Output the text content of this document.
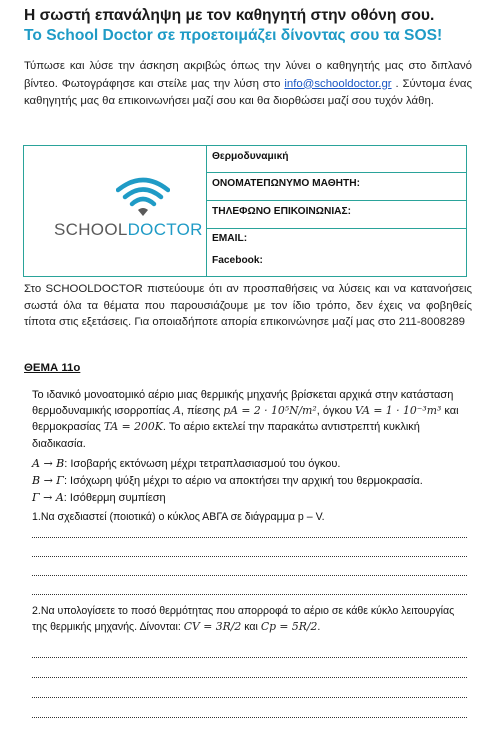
Η σωστή επανάληψη με τον καθηγητή στην οθόνη σου.
Το School Doctor σε προετοιμάζει δίνοντας σου τα SOS!
Τύπωσε και λύσε την άσκηση ακριβώς όπως την λύνει ο καθηγητής μας στο διπλανό βίντεο. Φωτογράφησε και στείλε μας την λύση στο info@schooldoctor.gr . Σύντομα ένας καθηγητής μας θα επικοινωνήσει μαζί σου και θα διορθώσει μαζί σου τυχόν λάθη.
SCHOOLDOCTOR
Θερμοδυναμική
ΟΝΟΜΑΤΕΠΩΝΥΜΟ ΜΑΘΗΤΗ:
ΤΗΛΕΦΩΝΟ ΕΠΙΚΟΙΝΩΝΙΑΣ:
EMAIL:
Facebook:
Στο SCHOOLDOCTOR πιστεύουμε ότι αν προσπαθήσεις να λύσεις και να κατανοήσεις σωστά όλα τα θέματα που παρουσιάζουμε με τον ίδιο τρόπο, δεν έχεις να φοβηθείς τίποτα στις εξετάσεις. Για οποιαδήποτε απορία επικοινώνησε μαζί μας στο 211-8008289
ΘΕΜΑ 11ο
Το ιδανικό μονοατομικό αέριο μιας θερμικής μηχανής βρίσκεται αρχικά στην κατάσταση θερμοδυναμικής ισορροπίας Α, πίεσης pA = 2 · 10⁵N/m², όγκου VA = 1 · 10⁻³m³ και θερμοκρασίας TA = 200K. Το αέριο εκτελεί την παρακάτω αντιστρεπτή κυκλική διαδικασία.
Α → Β: Ισοβαρής εκτόνωση μέχρι τετραπλασιασμού του όγκου.
Β → Γ: Ισόχωρη ψύξη μέχρι το αέριο να αποκτήσει την αρχική του θερμοκρασία.
Γ → Α: Ισόθερμη συμπίεση
1.Να σχεδιαστεί (ποιοτικά) ο κύκλος ΑΒΓΑ σε διάγραμμα p – V.
2.Να υπολογίσετε το ποσό θερμότητας που απορροφά το αέριο σε κάθε κύκλο λειτουργίας της θερμικής μηχανής. Δίνονται: CV = 3R/2 και Cp = 5R/2.
